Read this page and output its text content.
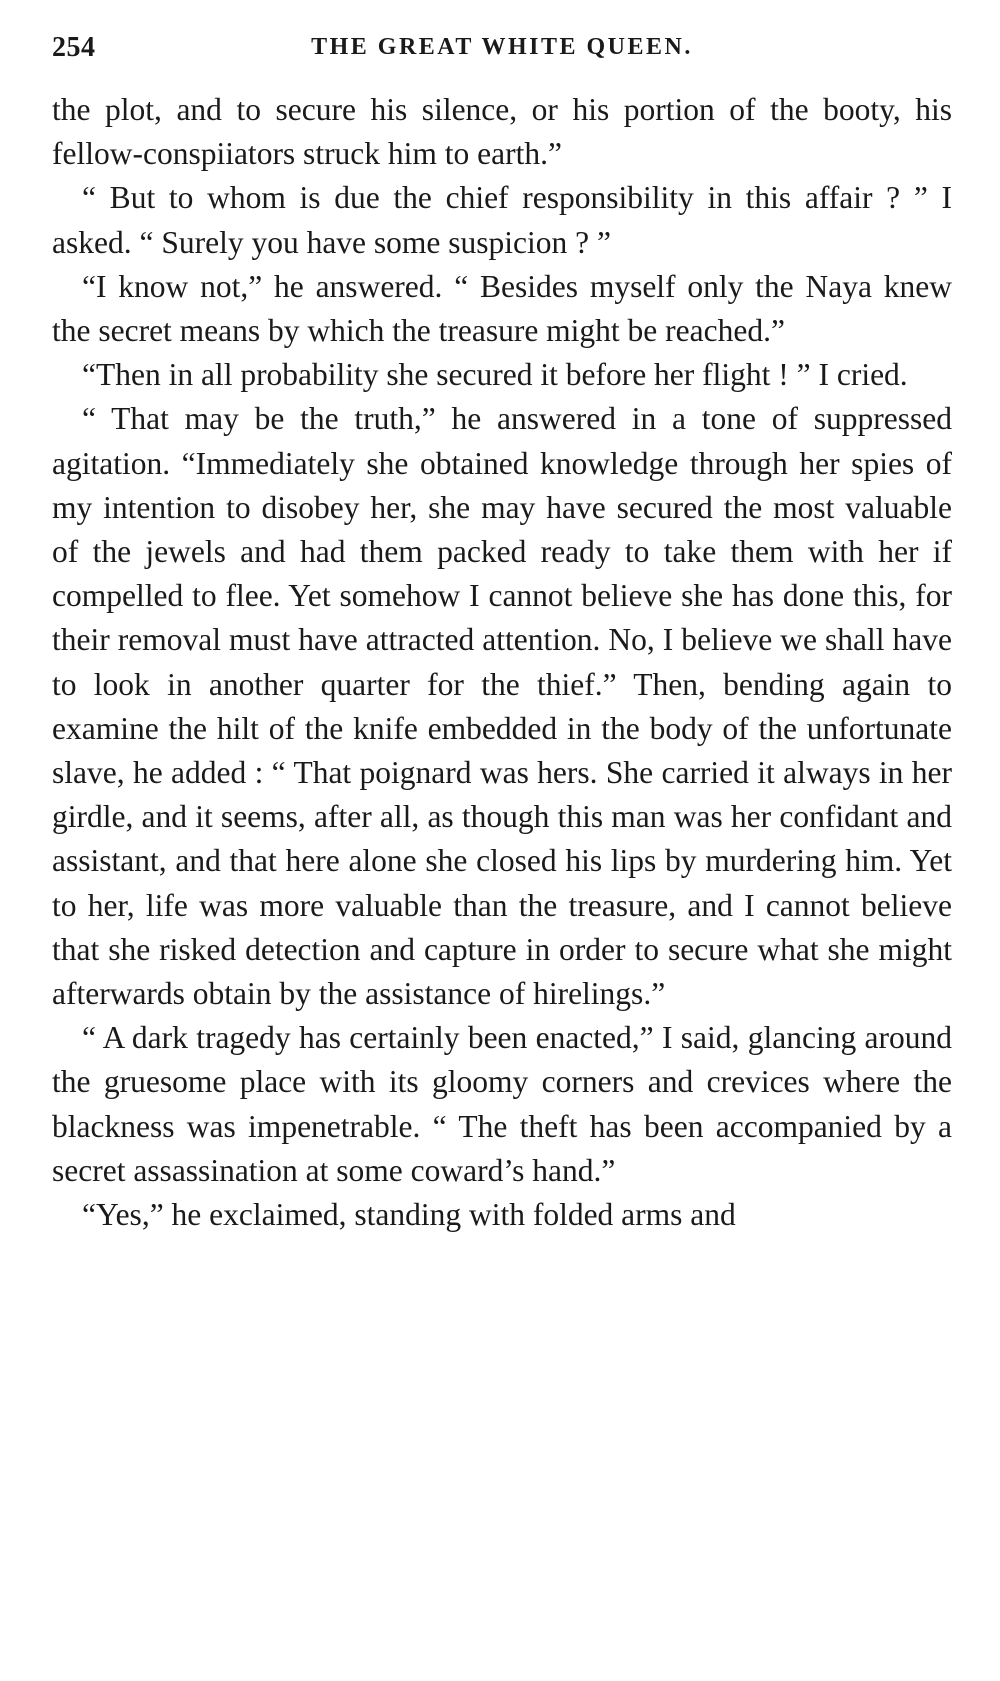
254	THE GREAT WHITE QUEEN.

the plot, and to secure his silence, or his portion of the booty, his fellow-conspiiators struck him to earth.”

“ But to whom is due the chief responsibility in this affair ? ” I asked. “ Surely you have some suspicion ? ”

“I know not,” he answered. “ Besides myself only the Naya knew the secret means by which the treasure might be reached.”

“Then in all probability she secured it before her flight ! ” I cried.

“ That may be the truth,” he answered in a tone of suppressed agitation. “Immediately she obtained knowledge through her spies of my intention to disobey her, she may have secured the most valuable of the jewels and had them packed ready to take them with her if compelled to flee. Yet somehow I cannot believe she has done this, for their removal must have attracted attention. No, I believe we shall have to look in another quarter for the thief.” Then, bending again to examine the hilt of the knife embedded in the body of the unfortunate slave, he added : “ That poignard was hers. She carried it always in her girdle, and it seems, after all, as though this man was her confidant and assistant, and that here alone she closed his lips by murdering him. Yet to her, life was more valuable than the treasure, and I cannot believe that she risked detection and capture in order to secure what she might afterwards obtain by the assistance of hirelings.”

“ A dark tragedy has certainly been enacted,” I said, glancing around the gruesome place with its gloomy corners and crevices where the blackness was impenetrable. “ The theft has been accompanied by a secret assassination at some coward’s hand.”

“Yes,” he exclaimed, standing with folded arms and
